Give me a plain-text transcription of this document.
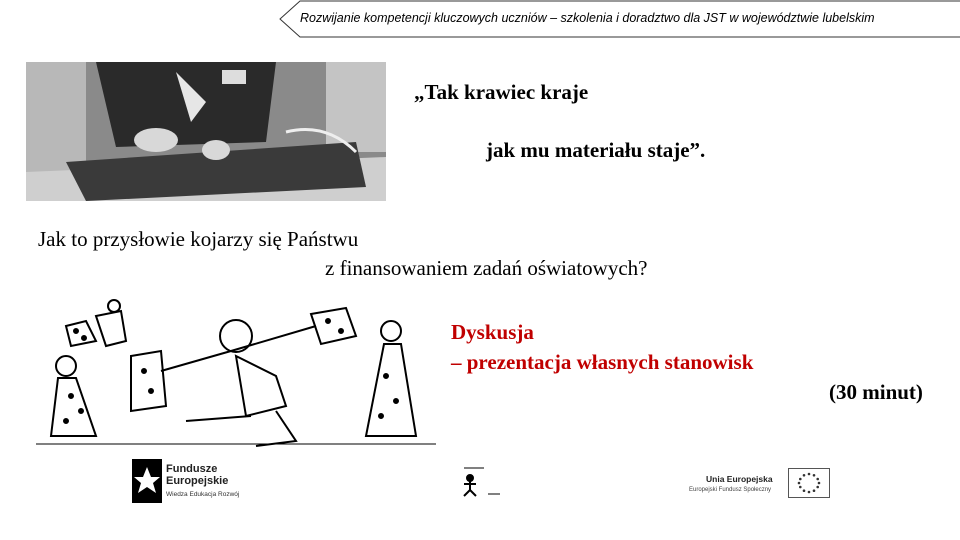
Rozwijanie kompetencji kluczowych uczniów – szkolenia i doradztwo dla JST w województwie lubelskim
„Tak krawiec kraje
jak mu materiału staje”.
Jak to przysłowie kojarzy się Państwu
z finansowaniem zadań oświatowych?
Dyskusja
– prezentacja własnych stanowisk
(30 minut)
Fundusze
Europejskie
Wiedza Edukacja Rozwój
Unia Europejska
Europejski Fundusz Społeczny
